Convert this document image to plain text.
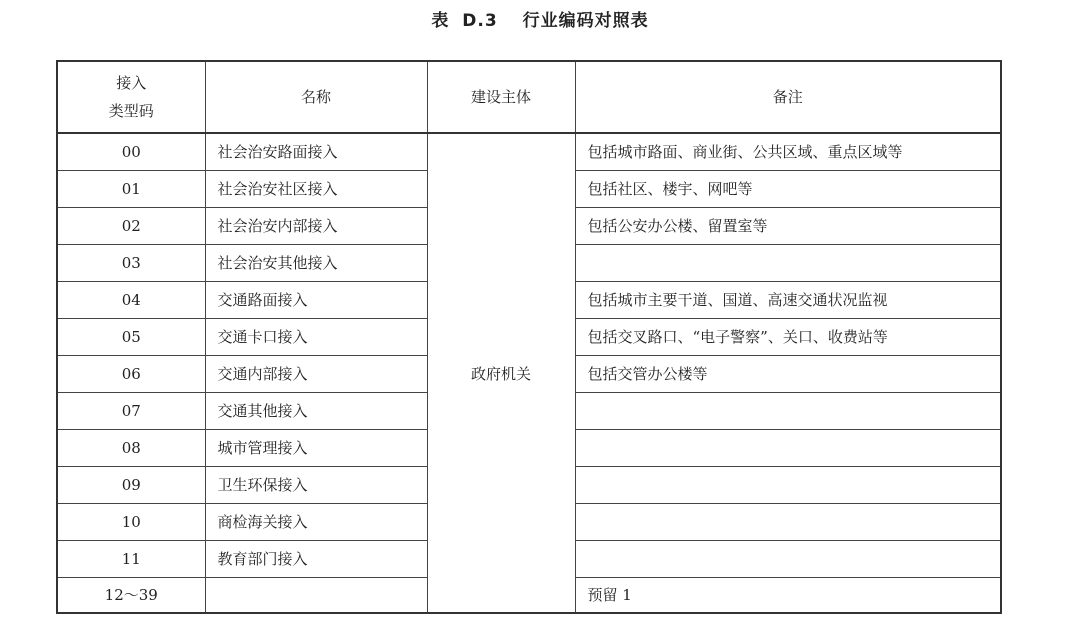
表 D.3 行业编码对照表
接入
类型码	名称	建设主体	备注
00	社会治安路面接入	政府机关	包括城市路面、商业街、公共区域、重点区域等
01	社会治安社区接入		包括社区、楼宇、网吧等
02	社会治安内部接入		包括公安办公楼、留置室等
03	社会治安其他接入		
04	交通路面接入		包括城市主要干道、国道、高速交通状况监视
05	交通卡口接入		包括交叉路口、“电子警察”、关口、收费站等
06	交通内部接入		包括交管办公楼等
07	交通其他接入		
08	城市管理接入		
09	卫生环保接入		
10	商检海关接入		
11	教育部门接入		
12～39			预留 1
